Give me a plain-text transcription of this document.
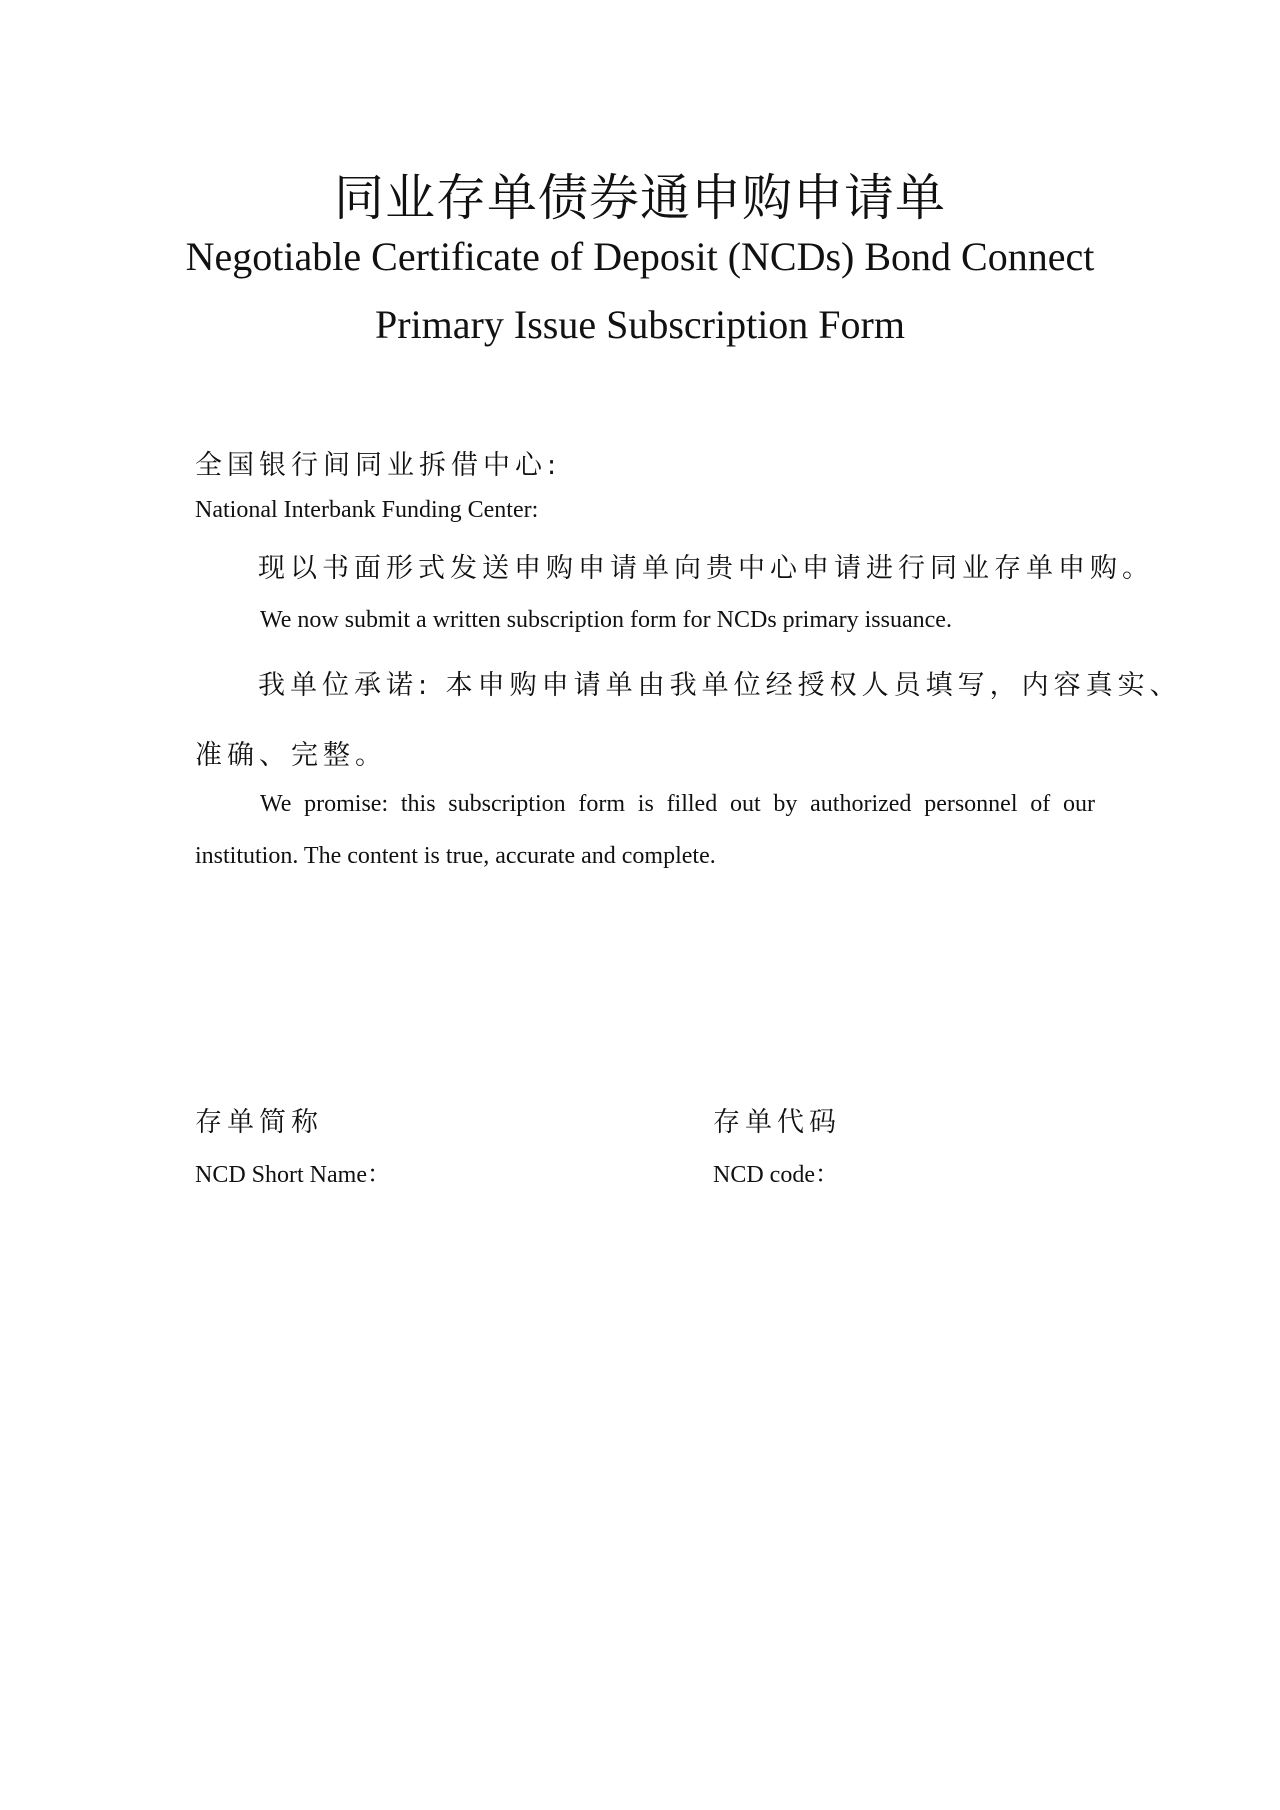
同业存单债券通申购申请单
Negotiable Certificate of Deposit (NCDs) Bond Connect
Primary Issue Subscription Form
全国银行间同业拆借中心:
National Interbank Funding Center:
现以书面形式发送申购申请单向贵中心申请进行同业存单申购。
We now submit a written subscription form for NCDs primary issuance.
我单位承诺: 本申购申请单由我单位经授权人员填写，内容真实、
准确、完整。
We promise: this subscription form is filled out by authorized personnel of our
institution. The content is true, accurate and complete.
存单简称
NCD Short Name：
存单代码
NCD code：
